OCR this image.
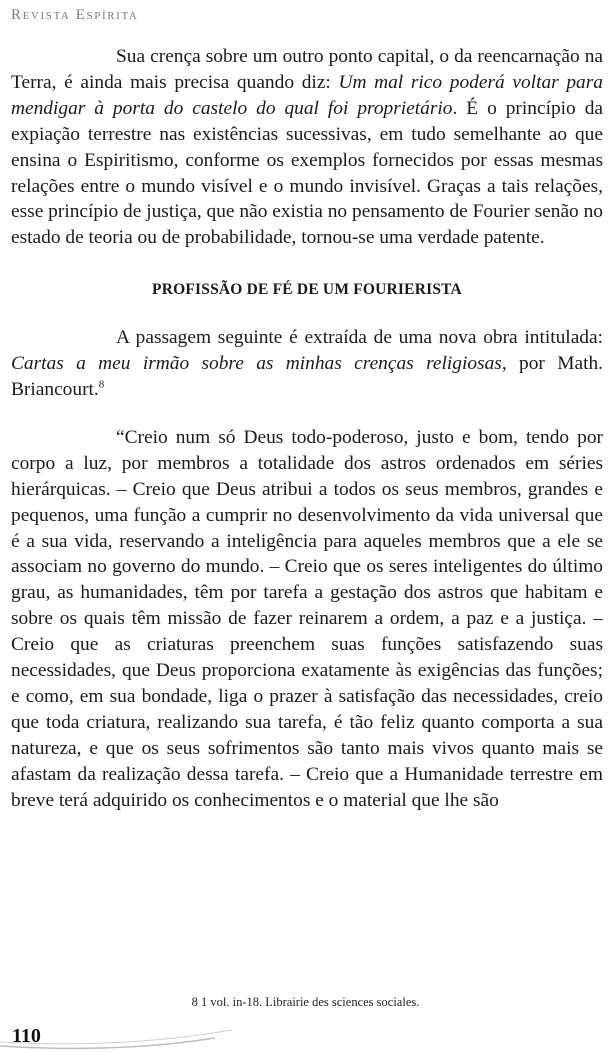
Revista Espírita

Sua crença sobre um outro ponto capital, o da reencarnação na Terra, é ainda mais precisa quando diz: Um mal rico poderá voltar para mendigar à porta do castelo do qual foi proprietário. É o princípio da expiação terrestre nas existências sucessivas, em tudo semelhante ao que ensina o Espiritismo, conforme os exemplos fornecidos por essas mesmas relações entre o mundo visível e o mundo invisível. Graças a tais relações, esse princípio de justiça, que não existia no pensamento de Fourier senão no estado de teoria ou de probabilidade, tornou-se uma verdade patente.

PROFISSÃO DE FÉ DE UM FOURIERISTA

A passagem seguinte é extraída de uma nova obra intitulada: Cartas a meu irmão sobre as minhas crenças religiosas, por Math. Briancourt.$^8$

“Creio num só Deus todo-poderoso, justo e bom, tendo por corpo a luz, por membros a totalidade dos astros ordenados em séries hierárquicas. – Creio que Deus atribui a todos os seus membros, grandes e pequenos, uma função a cumprir no desenvolvimento da vida universal que é a sua vida, reservando a inteligência para aqueles membros que a ele se associam no governo do mundo. – Creio que os seres inteligentes do último grau, as humanidades, têm por tarefa a gestação dos astros que habitam e sobre os quais têm missão de fazer reinarem a ordem, a paz e a justiça. – Creio que as criaturas preenchem suas funções satisfazendo suas necessidades, que Deus proporciona exatamente às exigências das funções; e como, em sua bondade, liga o prazer à satisfação das necessidades, creio que toda criatura, realizando sua tarefa, é tão feliz quanto comporta a sua natureza, e que os seus sofrimentos são tanto mais vivos quanto mais se afastam da realização dessa tarefa. – Creio que a Humanidade terrestre em breve terá adquirido os conhecimentos e o material que lhe são

8 1 vol. in-18. Librairie des sciences sociales.
110
